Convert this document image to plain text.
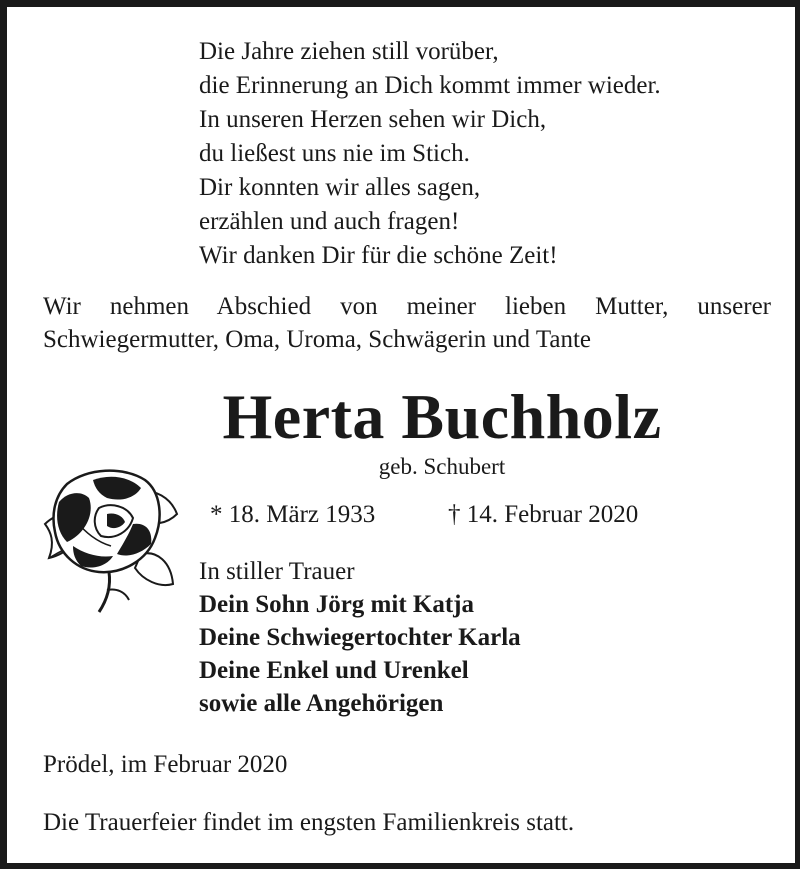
Die Jahre ziehen still vorüber,
die Erinnerung an Dich kommt immer wieder.
In unseren Herzen sehen wir Dich,
du ließest uns nie im Stich.
Dir konnten wir alles sagen,
erzählen und auch fragen!
Wir danken Dir für die schöne Zeit!
Wir nehmen Abschied von meiner lieben Mutter, unserer
Schwiegermutter, Oma, Uroma, Schwägerin und Tante
Herta Buchholz
geb. Schubert
* 18. März 1933	† 14. Februar 2020
In stiller Trauer
Dein Sohn Jörg mit Katja
Deine Schwiegertochter Karla
Deine Enkel und Urenkel
sowie alle Angehörigen
Prödel, im Februar 2020
Die Trauerfeier findet im engsten Familienkreis statt.
